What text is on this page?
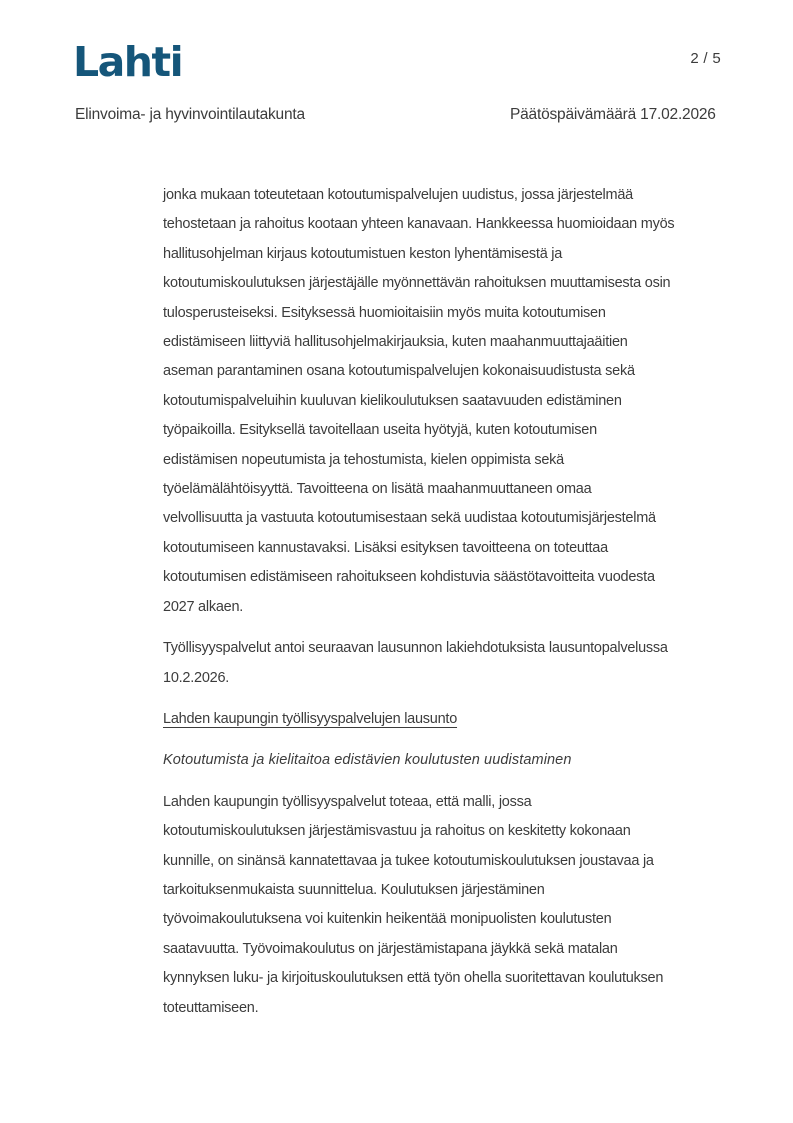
Lahti	2 / 5
Elinvoima- ja hyvinvointilautakunta	Päätöspäivämäärä 17.02.2026
jonka mukaan toteutetaan kotoutumispalvelujen uudistus, jossa järjestelmää
tehostetaan ja rahoitus kootaan yhteen kanavaan. Hankkeessa huomioidaan myös
hallitusohjelman kirjaus kotoutumistuen keston lyhentämisestä ja
kotoutumiskoulutuksen järjestäjälle myönnettävän rahoituksen muuttamisesta osin
tulosperusteiseksi. Esityksessä huomioitaisiin myös muita kotoutumisen
edistämiseen liittyviä hallitusohjelmakirjauksia, kuten maahanmuuttajaäitien
aseman parantaminen osana kotoutumispalvelujen kokonaisuudistusta sekä
kotoutumispalveluihin kuuluvan kielikoulutuksen saatavuuden edistäminen
työpaikoilla. Esityksellä tavoitellaan useita hyötyjä, kuten kotoutumisen
edistämisen nopeutumista ja tehostumista, kielen oppimista sekä
työelämälähtöisyyttä. Tavoitteena on lisätä maahanmuuttaneen omaa
velvollisuutta ja vastuuta kotoutumisestaan sekä uudistaa kotoutumisjärjestelmä
kotoutumiseen kannustavaksi. Lisäksi esityksen tavoitteena on toteuttaa
kotoutumisen edistämiseen rahoitukseen kohdistuvia säästötavoitteita vuodesta
2027 alkaen.
Työllisyyspalvelut antoi seuraavan lausunnon lakiehdotuksista lausuntopalvelussa
10.2.2026.
Lahden kaupungin työllisyyspalvelujen lausunto
Kotoutumista ja kielitaitoa edistävien koulutusten uudistaminen
Lahden kaupungin työllisyyspalvelut toteaa, että malli, jossa
kotoutumiskoulutuksen järjestämisvastuu ja rahoitus on keskitetty kokonaan
kunnille, on sinänsä kannatettavaa ja tukee kotoutumiskoulutuksen joustavaa ja
tarkoituksenmukaista suunnittelua. Koulutuksen järjestäminen
työvoimakoulutuksena voi kuitenkin heikentää monipuolisten koulutusten
saatavuutta. Työvoimakoulutus on järjestämistapana jäykkä sekä matalan
kynnyksen luku- ja kirjoituskoulutuksen että työn ohella suoritettavan koulutuksen
toteuttamiseen.
